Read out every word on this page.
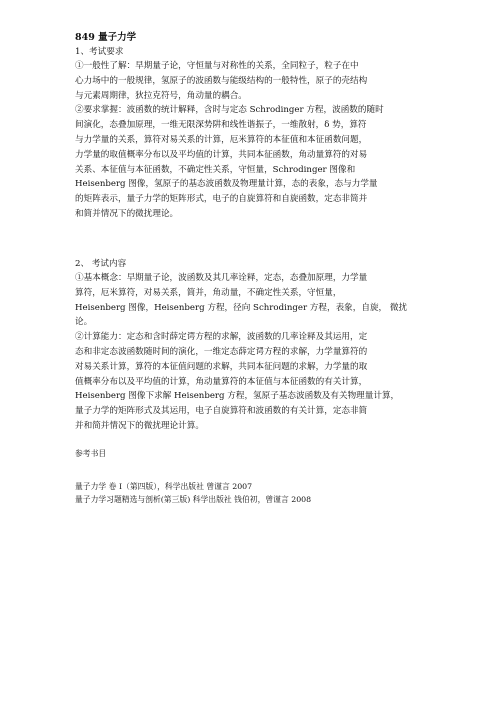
849 量子力学
1、考试要求
①一般性了解：早期量子论，守恒量与对称性的关系，全同粒子，粒子在中
心力场中的一般规律，氢原子的波函数与能级结构的一般特性，原子的壳结构
与元素周期律，狄拉克符号，角动量的耦合。
②要求掌握：波函数的统计解释，含时与定态 Schrodinger 方程，波函数的随时
间演化，态叠加原理，一维无限深势阱和线性谐振子，一维散射，δ 势，算符
与力学量的关系，算符对易关系的计算，厄米算符的本征值和本征函数问题，
力学量的取值概率分布以及平均值的计算，共同本征函数，角动量算符的对易
关系、本征值与本征函数，不确定性关系，守恒量，Schrodinger 图像和
Heisenberg 图像，氢原子的基态波函数及物理量计算，态的表象，态与力学量
的矩阵表示，量子力学的矩阵形式，电子的自旋算符和自旋函数，定态非简并
和简并情况下的微扰理论。
2、 考试内容
①基本概念：早期量子论，波函数及其几率诠释，定态，态叠加原理，力学量
算符，厄米算符，对易关系，简并，角动量，不确定性关系，守恒量，
Heisenberg 图像，Heisenberg 方程，径向 Schrodinger 方程，表象，自旋， 微扰
论。
②计算能力：定态和含时薛定谔方程的求解，波函数的几率诠释及其运用，定
态和非定态波函数随时间的演化，一维定态薛定谔方程的求解，力学量算符的
对易关系计算，算符的本征值问题的求解，共同本征问题的求解，力学量的取
值概率分布以及平均值的计算，角动量算符的本征值与本征函数的有关计算，
Heisenberg 图像下求解 Heisenberg 方程，氢原子基态波函数及有关物理量计算，
量子力学的矩阵形式及其运用，电子自旋算符和波函数的有关计算，定态非简
并和简并情况下的微扰理论计算。
参考书目
量子力学 卷 I（第四版），科学出版社 曾谨言 2007
量子力学习题精选与剖析(第三版) 科学出版社 钱伯初，曾谨言 2008
